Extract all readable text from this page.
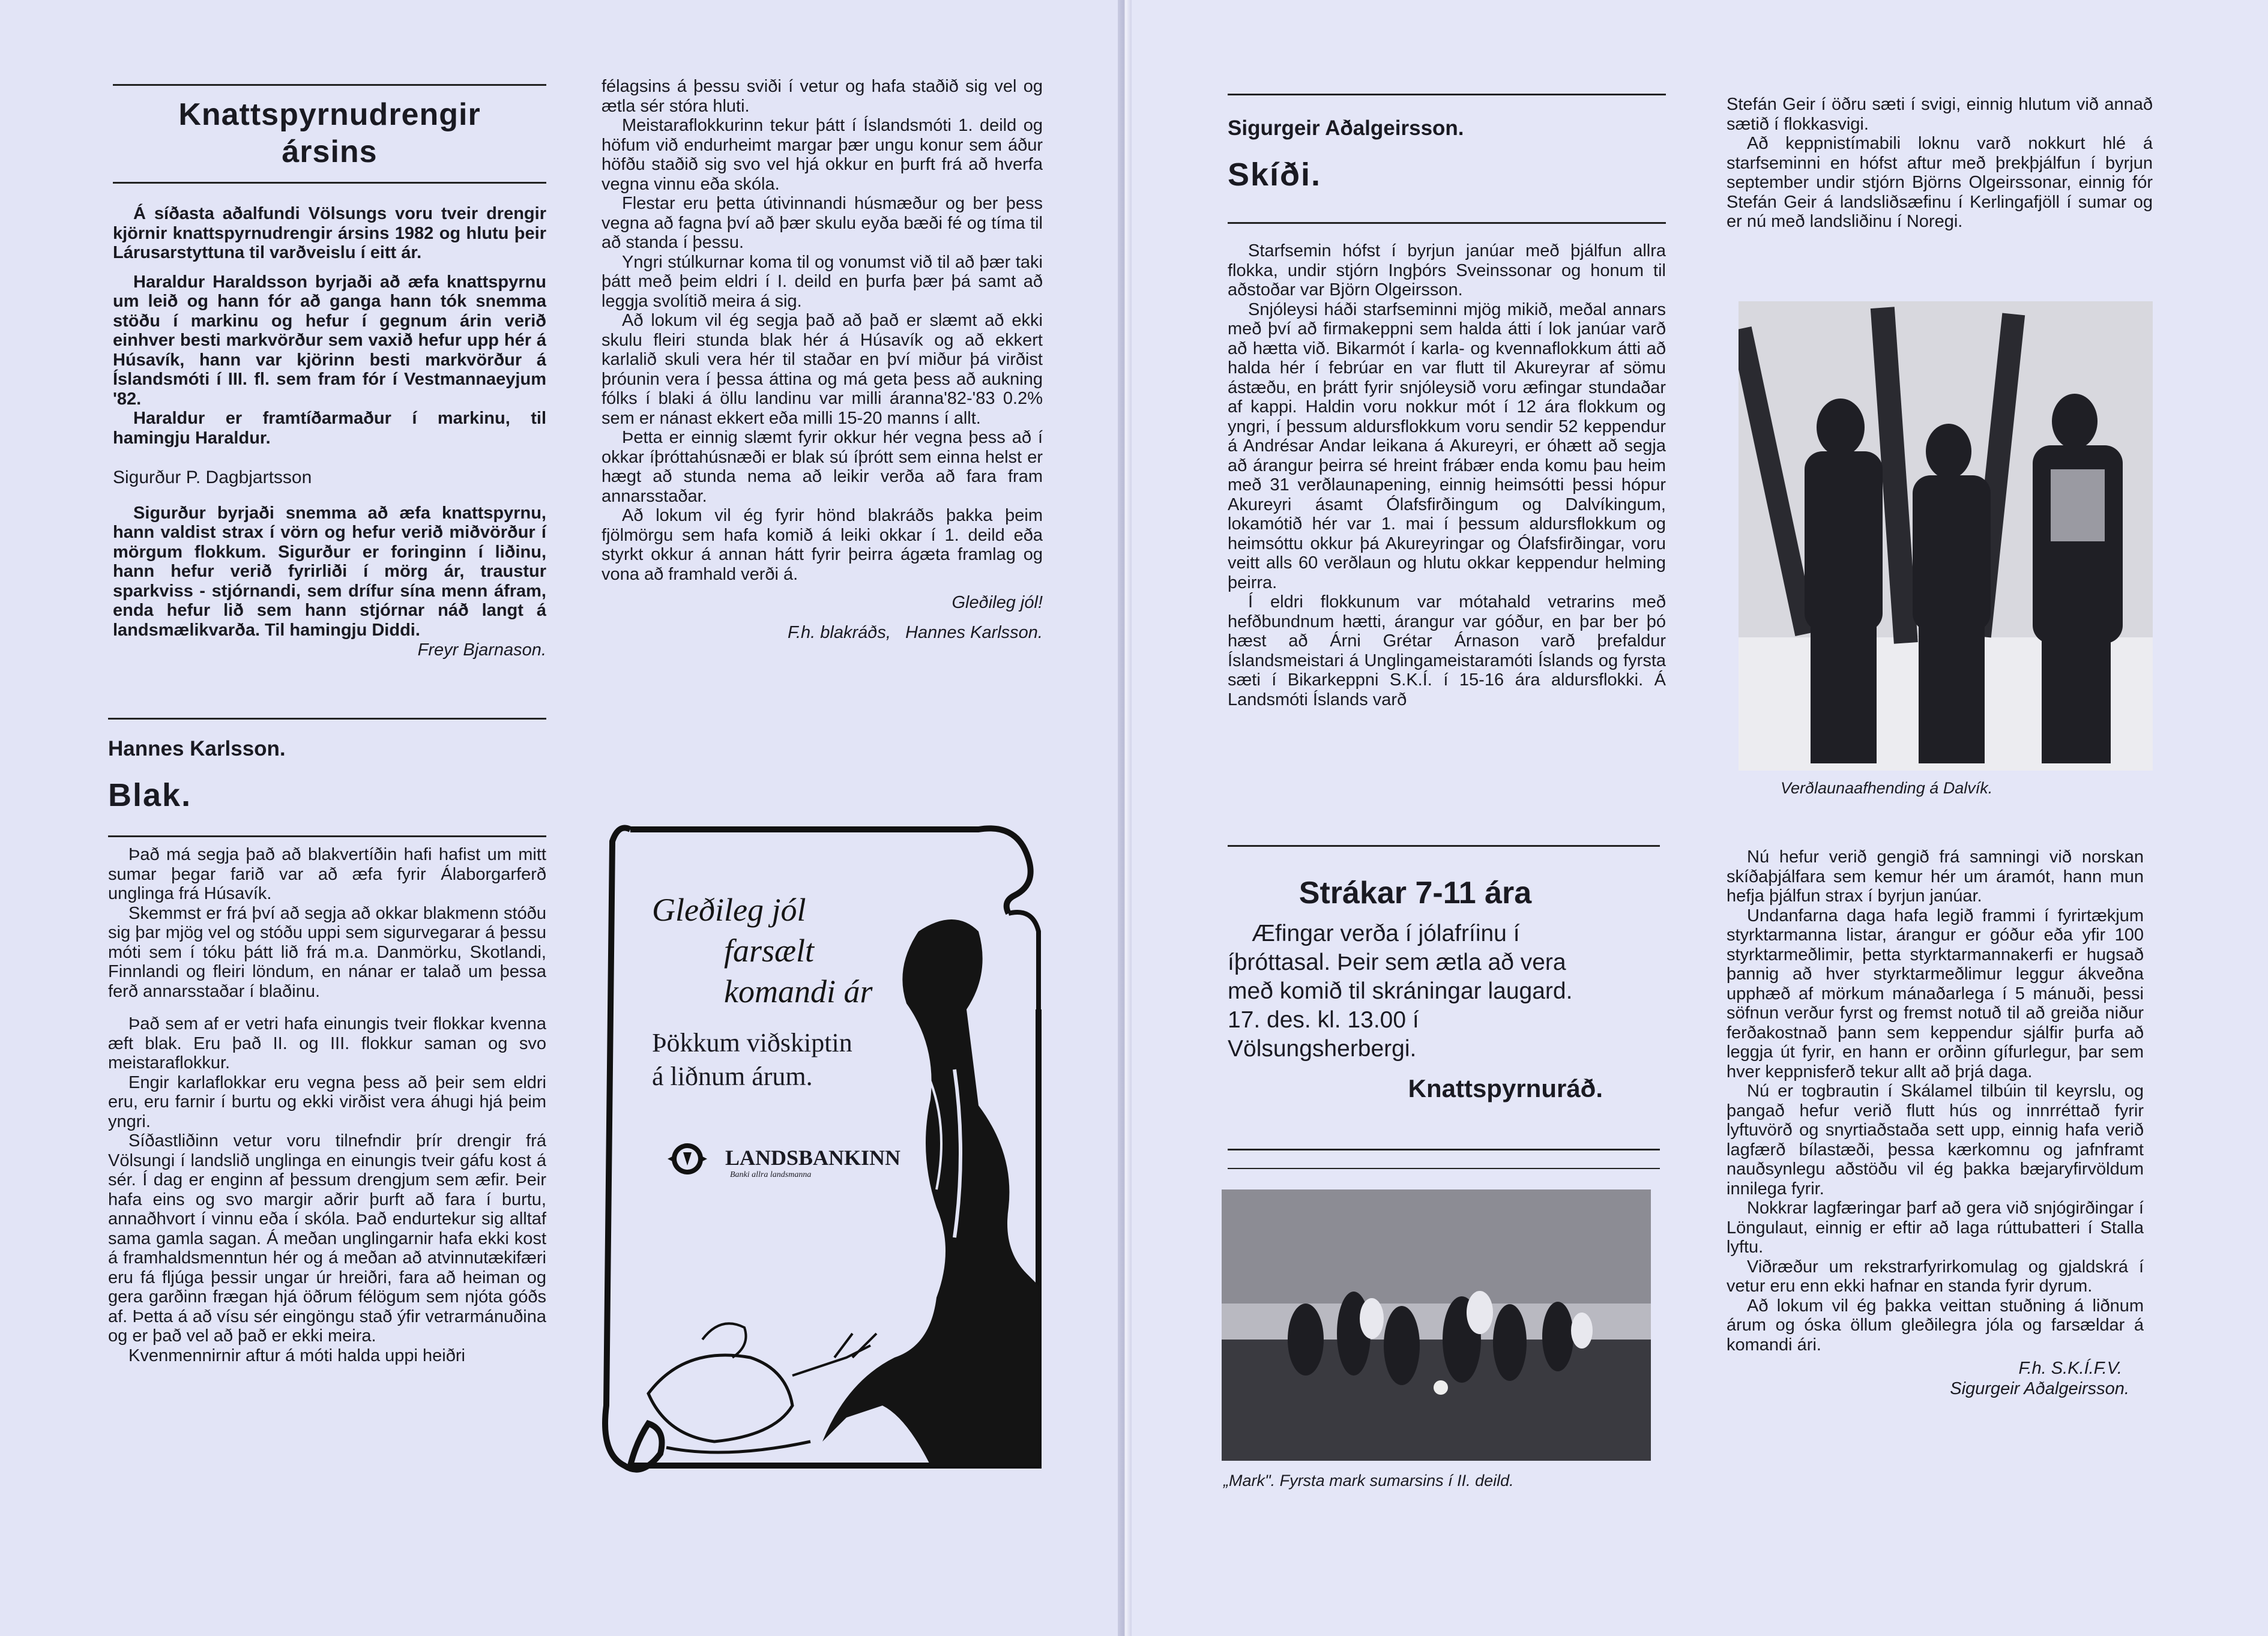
Knattspyrnudrengir
ársins

Á síðasta aðalfundi Völsungs voru tveir drengir kjörnir knattspyrnudrengir ársins 1982 og hlutu þeir Lárusarstyttuna til varðveislu í eitt ár.

Haraldur Haraldsson byrjaði að æfa knattspyrnu um leið og hann fór að ganga hann tók snemma stöðu í markinu og hefur í gegnum árin verið einhver besti markvörður sem vaxið hefur upp hér á Húsavík, hann var kjörinn besti markvörður á Íslandsmóti í III. fl. sem fram fór í Vestmannaeyjum '82.

Haraldur er framtíðarmaður í markinu, til hamingju Haraldur.

Sigurður P. Dagbjartsson

Sigurður byrjaði snemma að æfa knattspyrnu, hann valdist strax í vörn og hefur verið miðvörður í mörgum flokkum. Sigurður er foringinn í liðinu, hann hefur verið fyrirliði í mörg ár, traustur sparkviss - stjórnandi, sem drífur sína menn áfram, enda hefur lið sem hann stjórnar náð langt á landsmælikvarða. Til hamingju Diddi.

Freyr Bjarnason.

Hannes Karlsson.

Blak.

Það má segja það að blakvertíðin hafi hafist um mitt sumar þegar farið var að æfa fyrir Álaborgarferð unglinga frá Húsavík.

Skemmst er frá því að segja að okkar blakmenn stóðu sig þar mjög vel og stóðu uppi sem sigurvegarar á þessu móti sem í tóku þátt lið frá m.a. Danmörku, Skotlandi, Finnlandi og fleiri löndum, en nánar er talað um þessa ferð annarsstaðar í blaðinu.

Það sem af er vetri hafa einungis tveir flokkar kvenna æft blak. Eru það II. og III. flokkur saman og svo meistaraflokkur.

Engir karlaflokkar eru vegna þess að þeir sem eldri eru, eru farnir í burtu og ekki virðist vera áhugi hjá þeim yngri.

Síðastliðinn vetur voru tilnefndir þrír drengir frá Völsungi í landslið unglinga en einungis tveir gáfu kost á sér. Í dag er enginn af þessum drengjum sem æfir. Þeir hafa eins og svo margir aðrir þurft að fara í burtu, annaðhvort í vinnu eða í skóla. Það endurtekur sig alltaf sama gamla sagan. Á meðan unglingarnir hafa ekki kost á framhaldsmenntun hér og á meðan að atvinnutækifæri eru fá fljúga þessir ungar úr hreiðri, fara að heiman og gera garðinn frægan hjá öðrum félögum sem njóta góðs af. Þetta á að vísu sér eingöngu stað ýfir vetrarmánuðina og er það vel að það er ekki meira.

Kvenmennirnir aftur á móti halda uppi heiðri

félagsins á þessu sviði í vetur og hafa staðið sig vel og ætla sér stóra hluti.

Meistaraflokkurinn tekur þátt í Íslandsmóti 1. deild og höfum við endurheimt margar þær ungu konur sem áður höfðu staðið sig svo vel hjá okkur en þurft frá að hverfa vegna vinnu eða skóla.

Flestar eru þetta útivinnandi húsmæður og ber þess vegna að fagna því að þær skulu eyða bæði fé og tíma til að standa í þessu.

Yngri stúlkurnar koma til og vonumst við til að þær taki þátt með þeim eldri í I. deild en þurfa þær þá samt að leggja svolítið meira á sig.

Að lokum vil ég segja það að það er slæmt að ekki skulu fleiri stunda blak hér á Húsavík og að ekkert karlalið skuli vera hér til staðar en því miður þá virðist þróunin vera í þessa áttina og má geta þess að aukning fólks í blaki á öllu landinu var milli áranna'82-'83 0.2% sem er nánast ekkert eða milli 15-20 manns í allt.

Þetta er einnig slæmt fyrir okkur hér vegna þess að í okkar íþróttahúsnæði er blak sú íþrótt sem einna helst er hægt að stunda nema að leikir verða að fara fram annarsstaðar.

Að lokum vil ég fyrir hönd blakráðs þakka þeim fjölmörgu sem hafa komið á leiki okkar í 1. deild eða styrkt okkur á annan hátt fyrir þeirra ágæta framlag og vona að framhald verði á.

Gleðileg jól!

F.h. blakráðs,   Hannes Karlsson.

Gleðileg jól
farsælt
komandi ár
Þökkum viðskiptin
á liðnum árum.
LANDSBANKINN
Banki allra landsmanna

Sigurgeir Aðalgeirsson.

Skíði.

Starfsemin hófst í byrjun janúar með þjálfun allra flokka, undir stjórn Ingþórs Sveinssonar og honum til aðstoðar var Björn Olgeirsson.

Snjóleysi háði starfseminni mjög mikið, meðal annars með því að firmakeppni sem halda átti í lok janúar varð að hætta við. Bikarmót í karla- og kvennaflokkum átti að halda hér í febrúar en var flutt til Akureyrar af sömu ástæðu, en þrátt fyrir snjóleysið voru æfingar stundaðar af kappi. Haldin voru nokkur mót í 12 ára flokkum og yngri, í þessum aldursflokkum voru sendir 52 keppendur á Andrésar Andar leikana á Akureyri, er óhætt að segja að árangur þeirra sé hreint frábær enda komu þau heim með 31 verðlaunapening, einnig heimsótti þessi hópur Akureyri ásamt Ólafsfirðingum og Dalvíkingum, lokamótið hér var 1. mai í þessum aldursflokkum og heimsóttu okkur þá Akureyringar og Ólafsfirðingar, voru veitt alls 60 verðlaun og hlutu okkar keppendur helming þeirra.

Í eldri flokkunum var mótahald vetrarins með hefðbundnum hætti, árangur var góður, en þar ber þó hæst að Árni Grétar Árnason varð þrefaldur Íslandsmeistari á Unglingameistaramóti Íslands og fyrsta sæti í Bikarkeppni S.K.Í. í 15-16 ára aldursflokki. Á Landsmóti Íslands varð

Strákar 7-11 ára

Æfingar verða í jólafríinu í íþróttasal. Þeir sem ætla að vera með komið til skráningar laugard. 17. des. kl. 13.00 í Völsungsherbergi.

Knattspyrnuráð.

„Mark". Fyrsta mark sumarsins í II. deild.

Stefán Geir í öðru sæti í svigi, einnig hlutum við annað sætið í flokkasvigi.

Að keppnistímabili loknu varð nokkurt hlé á starfseminni en hófst aftur með þrekþjálfun í byrjun september undir stjórn Björns Olgeirssonar, einnig fór Stefán Geir á landsliðsæfinu í Kerlingafjöll í sumar og er nú með landsliðinu í Noregi.

Verðlaunaafhending á Dalvík.

Nú hefur verið gengið frá samningi við norskan skíðaþjálfara sem kemur hér um áramót, hann mun hefja þjálfun strax í byrjun janúar.

Undanfarna daga hafa legið frammi í fyrirtækjum styrktarmanna listar, árangur er góður eða yfir 100 styrktarmeðlimir, þetta styrktarmannakerfi er hugsað þannig að hver styrktarmeðlimur leggur ákveðna upphæð af mörkum mánaðarlega í 5 mánuði, þessi söfnun verður fyrst og fremst notuð til að greiða niður ferðakostnað þann sem keppendur sjálfir þurfa að leggja út fyrir, en hann er orðinn gífurlegur, þar sem hver keppnisferð tekur allt að þrjá daga.

Nú er togbrautin í Skálamel tilbúin til keyrslu, og þangað hefur verið flutt hús og innrréttað fyrir lyftuvörð og snyrtiaðstaða sett upp, einnig hafa verið lagfærð bílastæði, þessa kærkomnu og jafnframt nauðsynlegu aðstöðu vil ég þakka bæjaryfirvöldum innilega fyrir.

Nokkrar lagfæringar þarf að gera við snjógirðingar í Löngulaut, einnig er eftir að laga rúttubatteri í Stalla lyftu.

Viðræður um rekstrarfyrirkomulag og gjaldskrá í vetur eru enn ekki hafnar en standa fyrir dyrum.

Að lokum vil ég þakka veittan stuðning á liðnum árum og óska öllum gleðilegra jóla og farsældar á komandi ári.

F.h. S.K.Í.F.V.

Sigurgeir Aðalgeirsson.
